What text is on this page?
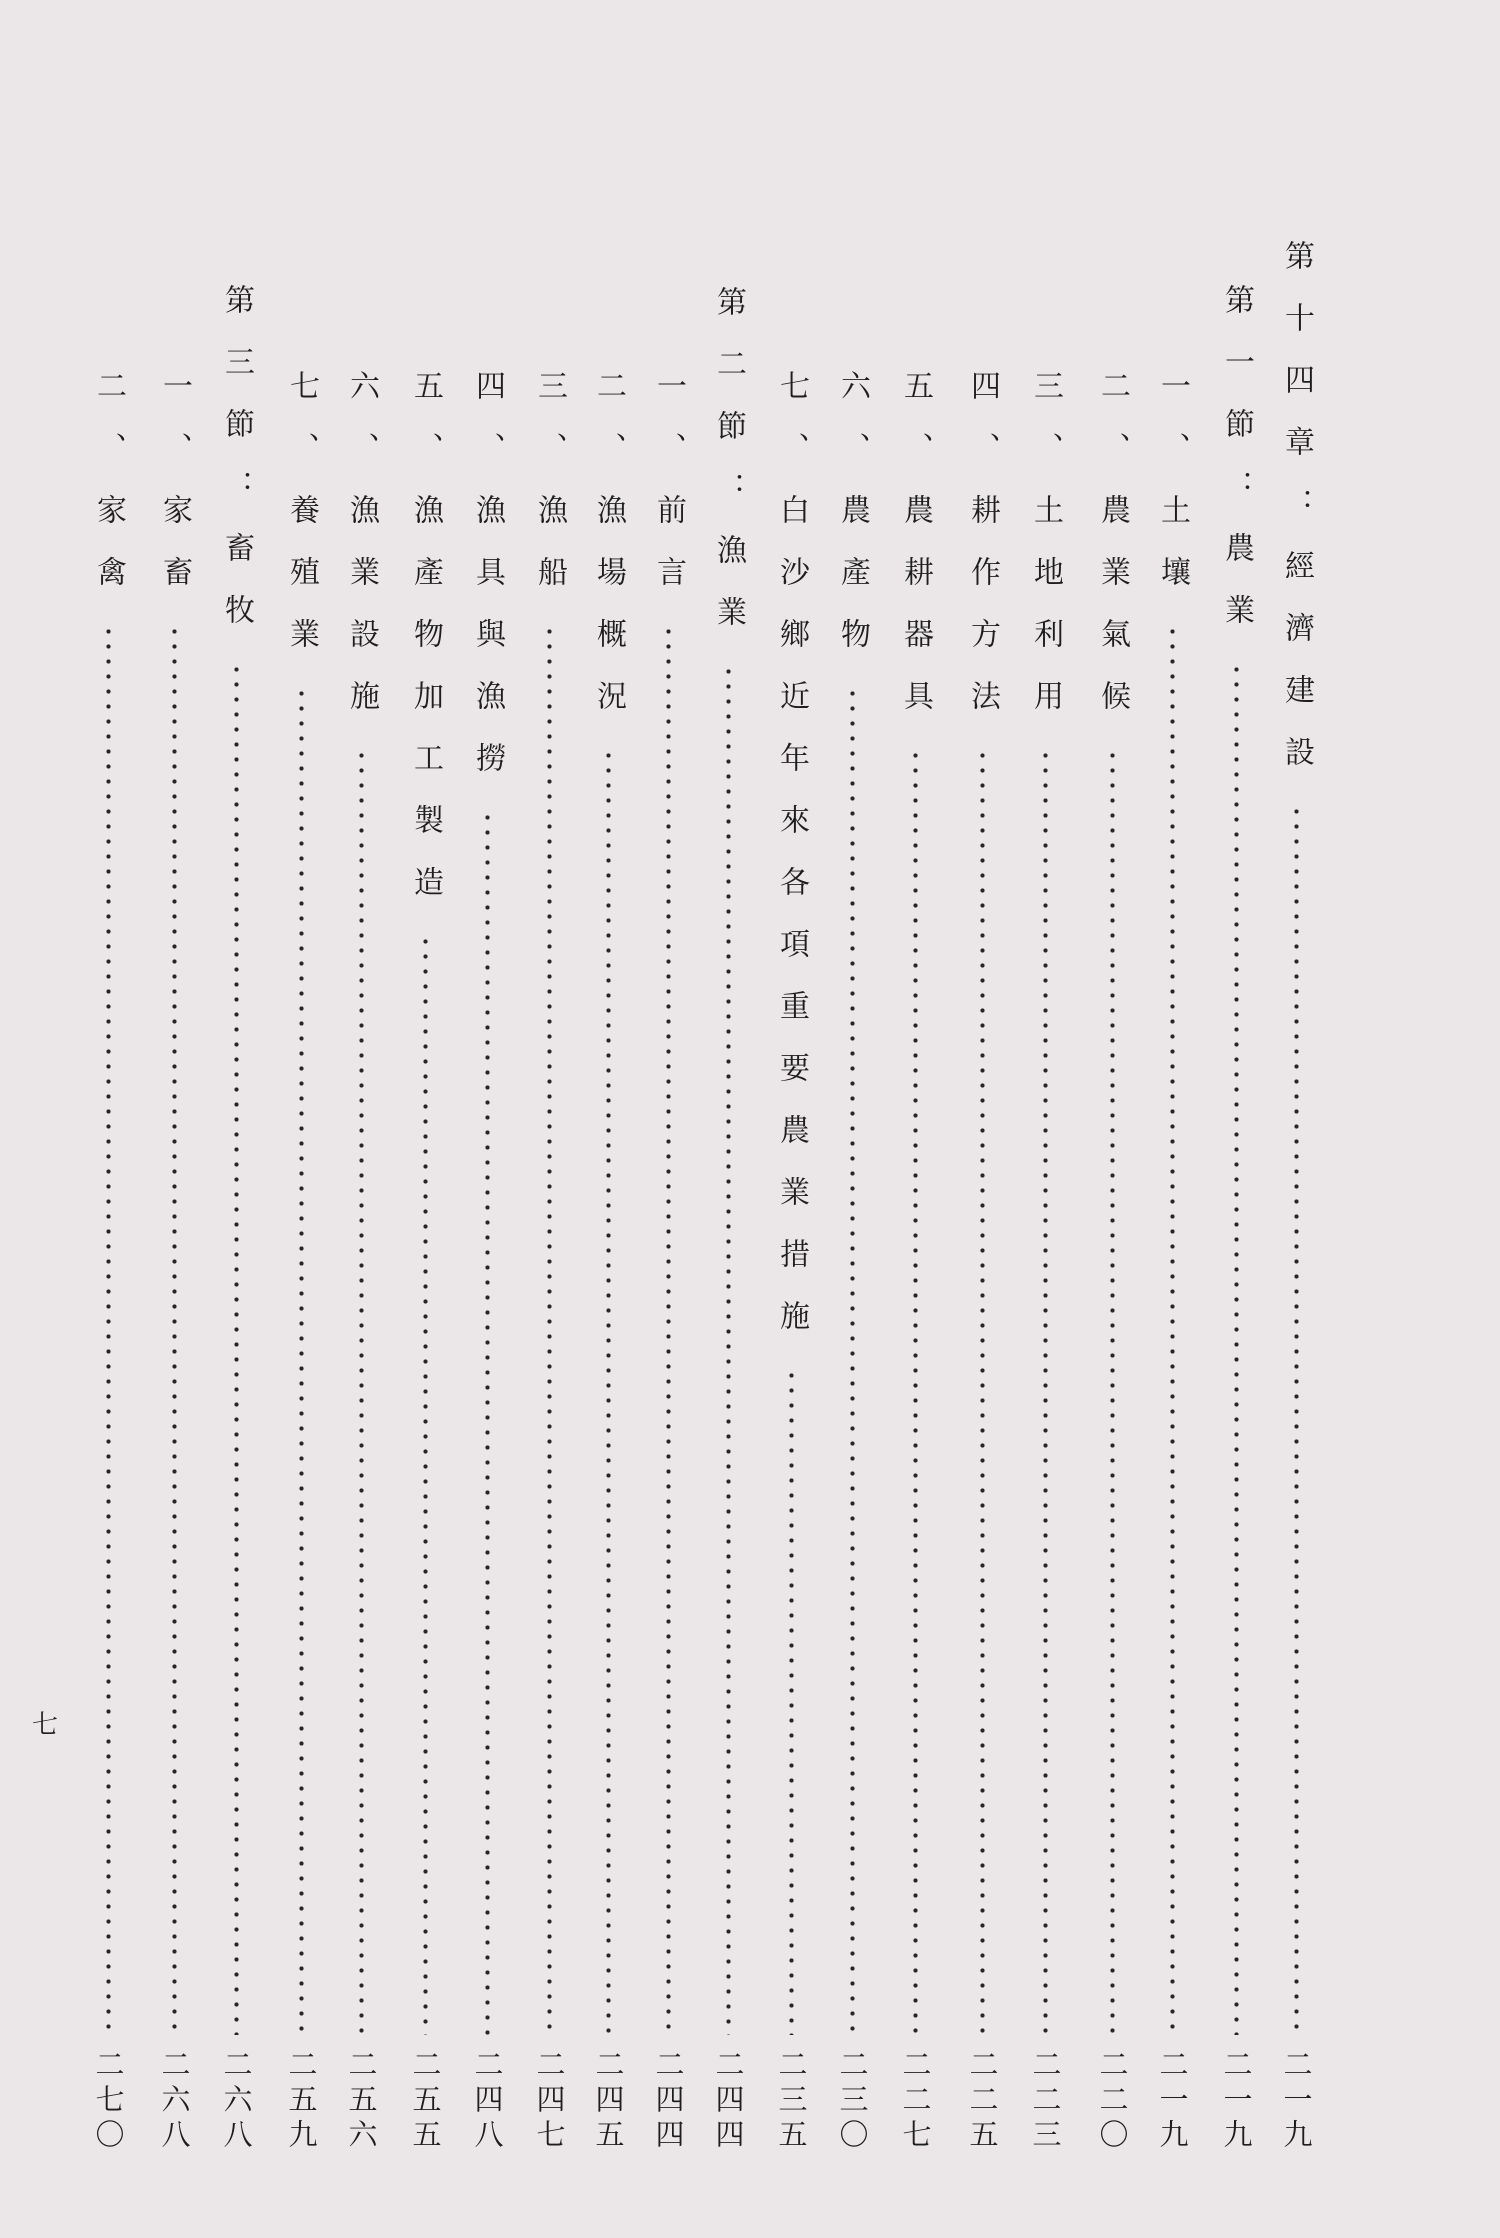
第十四章：經濟建設
二一九
第一節：農業
二一九
一、土壤
二一九
二、農業氣候
二二〇
三、土地利用
二二三
四、耕作方法
二二五
五、農耕器具
二二七
六、農產物
二三〇
七、白沙鄉近年來各項重要農業措施
二三五
第二節：漁業
二四四
一、前言
二四四
二、漁場概況
二四五
三、漁船
二四七
四、漁具與漁撈
二四八
五、漁產物加工製造
二五五
六、漁業設施
二五六
七、養殖業
二五九
第三節：畜牧
二六八
一、家畜
二六八
二、家禽
二七〇
七
